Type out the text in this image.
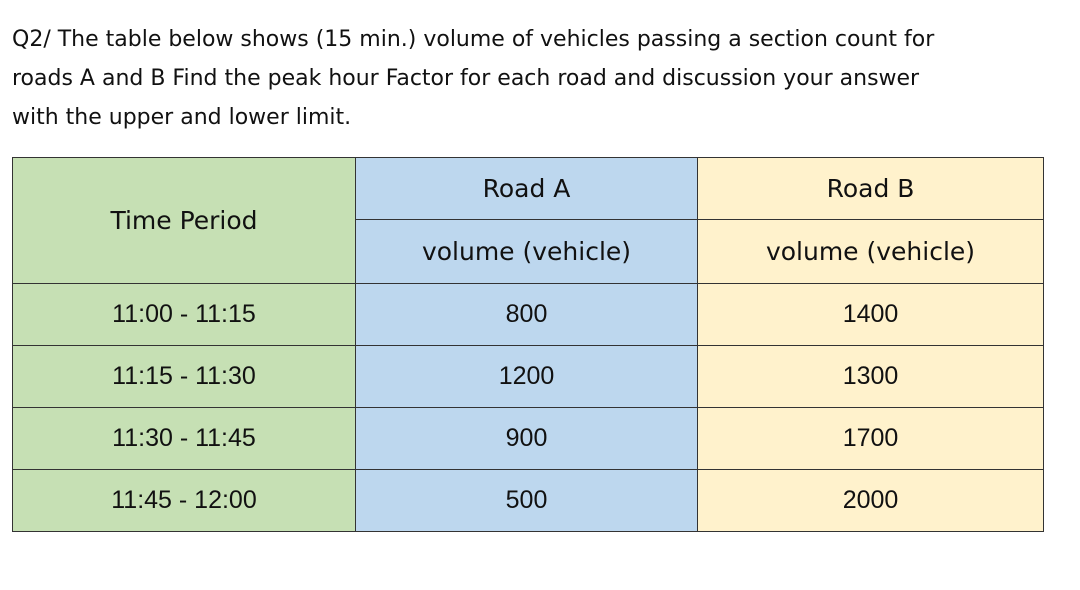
Q2/ The table below shows (15 min.) volume of vehicles passing a section count for
roads A and B Find the peak hour Factor for each road and discussion your answer
with the upper and lower limit.
Time Period	Road A	Road B
	volume (vehicle)	volume (vehicle)
11:00 - 11:15	800	1400
11:15 - 11:30	1200	1300
11:30 - 11:45	900	1700
11:45 - 12:00	500	2000
